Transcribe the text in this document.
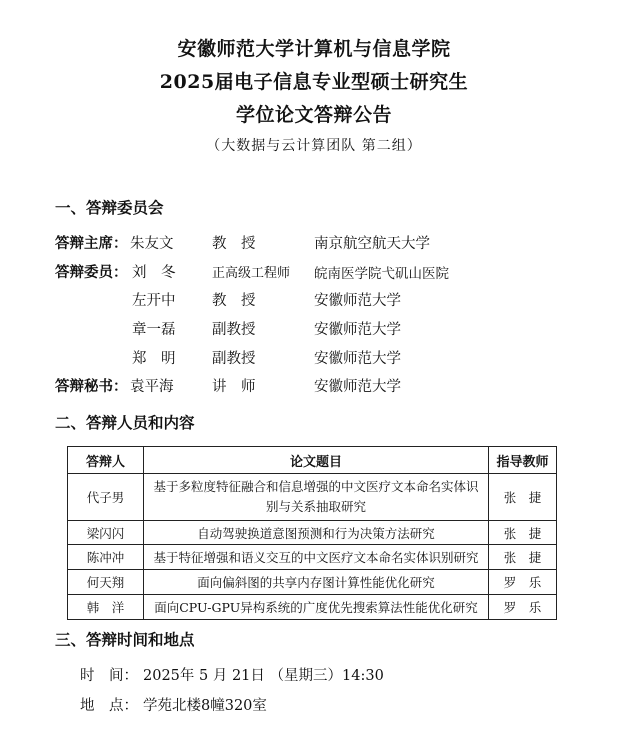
安徽师范大学计算机与信息学院
2025届电子信息专业型硕士研究生
学位论文答辩公告
（大数据与云计算团队 第二组）
一、答辩委员会
答辩主席： 朱友文	教　授	南京航空航天大学
答辩委员： 刘　冬	正高级工程师 皖南医学院弋矶山医院
左开中	教　授	安徽师范大学
章一磊	副教授	安徽师范大学
郑　明	副教授	安徽师范大学
答辩秘书： 袁平海	讲　师	安徽师范大学
二、答辩人员和内容
答辩人	论文题目	指导教师
代子男	基于多粒度特征融合和信息增强的中文医疗文本命名实体识
别与关系抽取研究	张　捷
梁闪闪	自动驾驶换道意图预测和行为决策方法研究	张　捷
陈冲冲	基于特征增强和语义交互的中文医疗文本命名实体识别研究	张　捷
何天翔	面向偏斜图的共享内存图计算性能优化研究	罗　乐
韩　洋	面向CPU-GPU异构系统的广度优先搜索算法性能优化研究	罗　乐
三、答辩时间和地点
时　间： 2025年 5 月 21日 （星期三）14:30
地　点： 学苑北楼8幢320室
